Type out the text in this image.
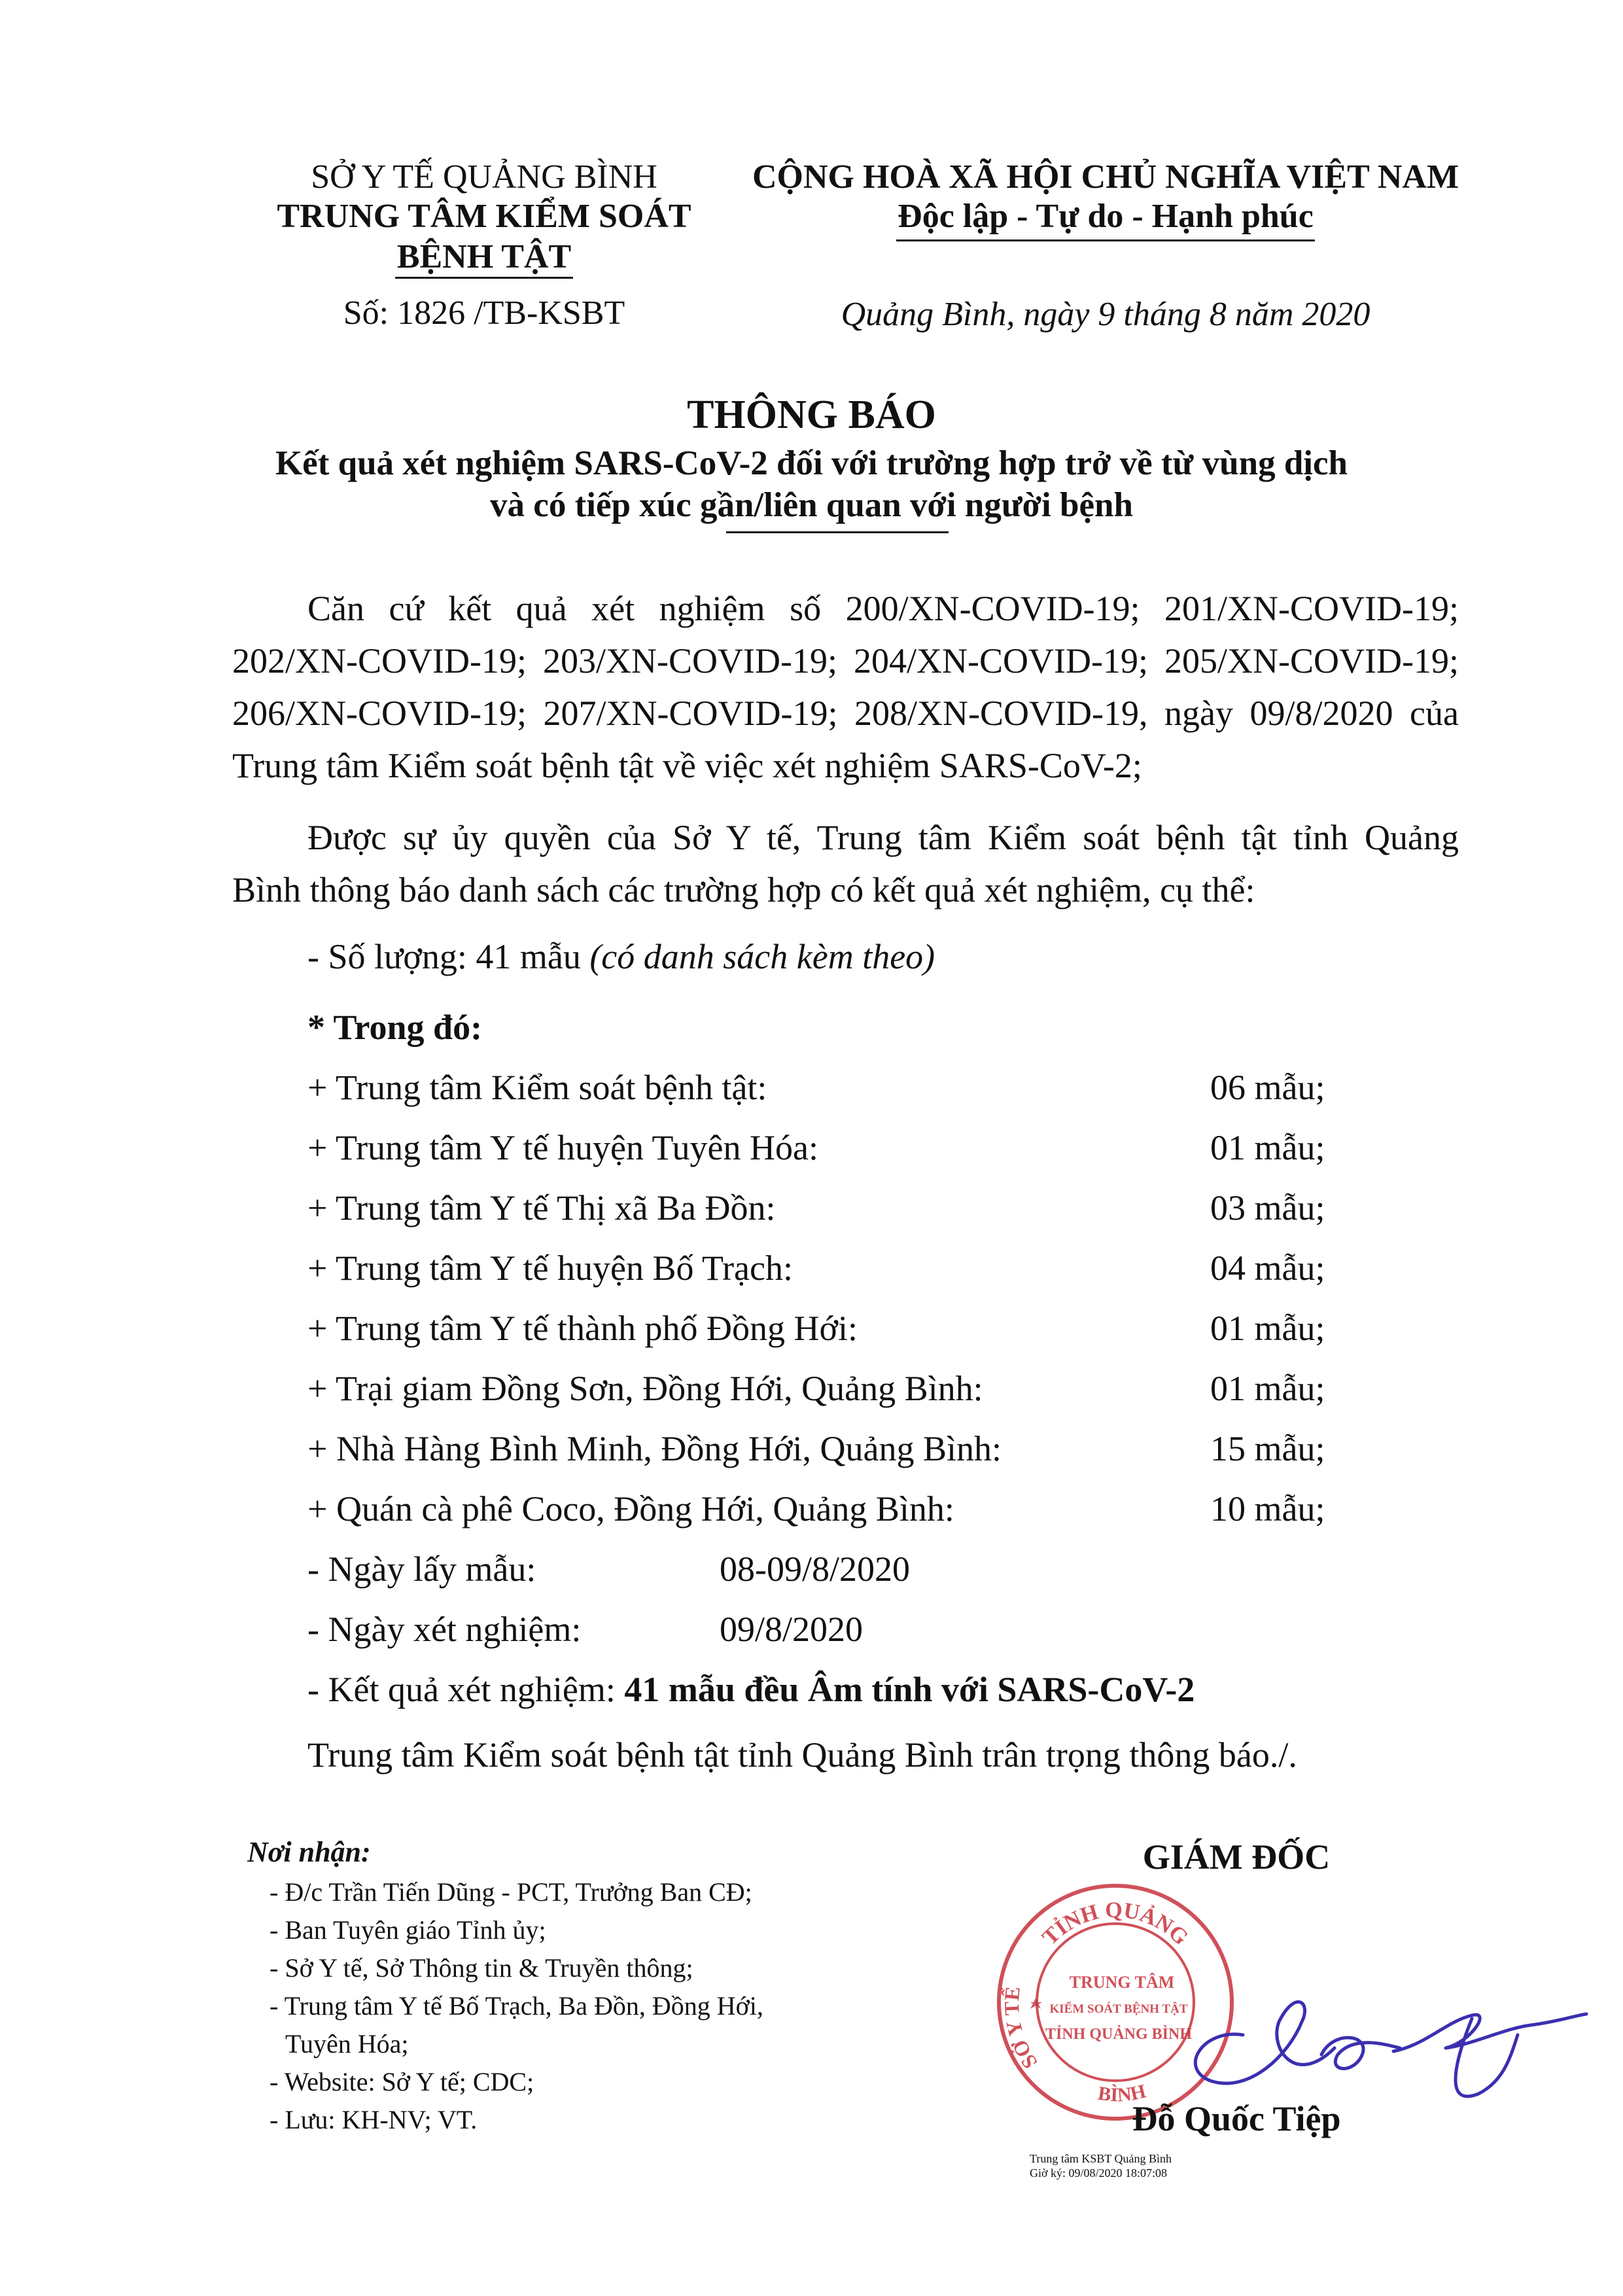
SỞ Y TẾ QUẢNG BÌNH
TRUNG TÂM KIỂM SOÁT
BỆNH TẬT
Số: 1826 /TB-KSBT
CỘNG HOÀ XÃ HỘI CHỦ NGHĨA VIỆT NAM
Độc lập - Tự do - Hạnh phúc
Quảng Bình, ngày 9 tháng 8 năm 2020
THÔNG BÁO
Kết quả xét nghiệm SARS-CoV-2 đối với trường hợp trở về từ vùng dịch
và có tiếp xúc gần/liên quan với người bệnh
Căn cứ kết quả xét nghiệm số 200/XN-COVID-19; 201/XN-COVID-19;
202/XN-COVID-19; 203/XN-COVID-19; 204/XN-COVID-19; 205/XN-COVID-19;
206/XN-COVID-19; 207/XN-COVID-19; 208/XN-COVID-19, ngày 09/8/2020 của
Trung tâm Kiểm soát bệnh tật về việc xét nghiệm SARS-CoV-2;
Được sự ủy quyền của Sở Y tế, Trung tâm Kiểm soát bệnh tật tỉnh Quảng
Bình thông báo danh sách các trường hợp có kết quả xét nghiệm, cụ thể:
- Số lượng: 41 mẫu (có danh sách kèm theo)
* Trong đó:
+ Trung tâm Kiểm soát bệnh tật:	06 mẫu;
+ Trung tâm Y tế huyện Tuyên Hóa:	01 mẫu;
+ Trung tâm Y tế Thị xã Ba Đồn:	03 mẫu;
+ Trung tâm Y tế huyện Bố Trạch:	04 mẫu;
+ Trung tâm Y tế thành phố Đồng Hới:	01 mẫu;
+ Trại giam Đồng Sơn, Đồng Hới, Quảng Bình:	01 mẫu;
+ Nhà Hàng Bình Minh, Đồng Hới, Quảng Bình:	15 mẫu;
+ Quán cà phê Coco, Đồng Hới, Quảng Bình:	10 mẫu;
- Ngày lấy mẫu:	08-09/8/2020
- Ngày xét nghiệm:	09/8/2020
- Kết quả xét nghiệm: 41 mẫu đều Âm tính với SARS-CoV-2
Trung tâm Kiểm soát bệnh tật tỉnh Quảng Bình trân trọng thông báo./.
Nơi nhận:
- Đ/c Trần Tiến Dũng - PCT, Trưởng Ban CĐ;
- Ban Tuyên giáo Tỉnh ủy;
- Sở Y tế, Sở Thông tin & Truyền thông;
- Trung tâm Y tế Bố Trạch, Ba Đồn, Đồng Hới,
Tuyên Hóa;
- Website: Sở Y tế; CDC;
- Lưu: KH-NV; VT.
GIÁM ĐỐC
TỈNH QUẢNG
SỞ Y TẾ
BÌNH
TRUNG TÂM
KIỂM SOÁT BỆNH TẬT
TỈNH QUẢNG BÌNH
Đỗ Quốc Tiệp
Trung tâm KSBT Quảng Bình
Giờ ký: 09/08/2020 18:07:08
